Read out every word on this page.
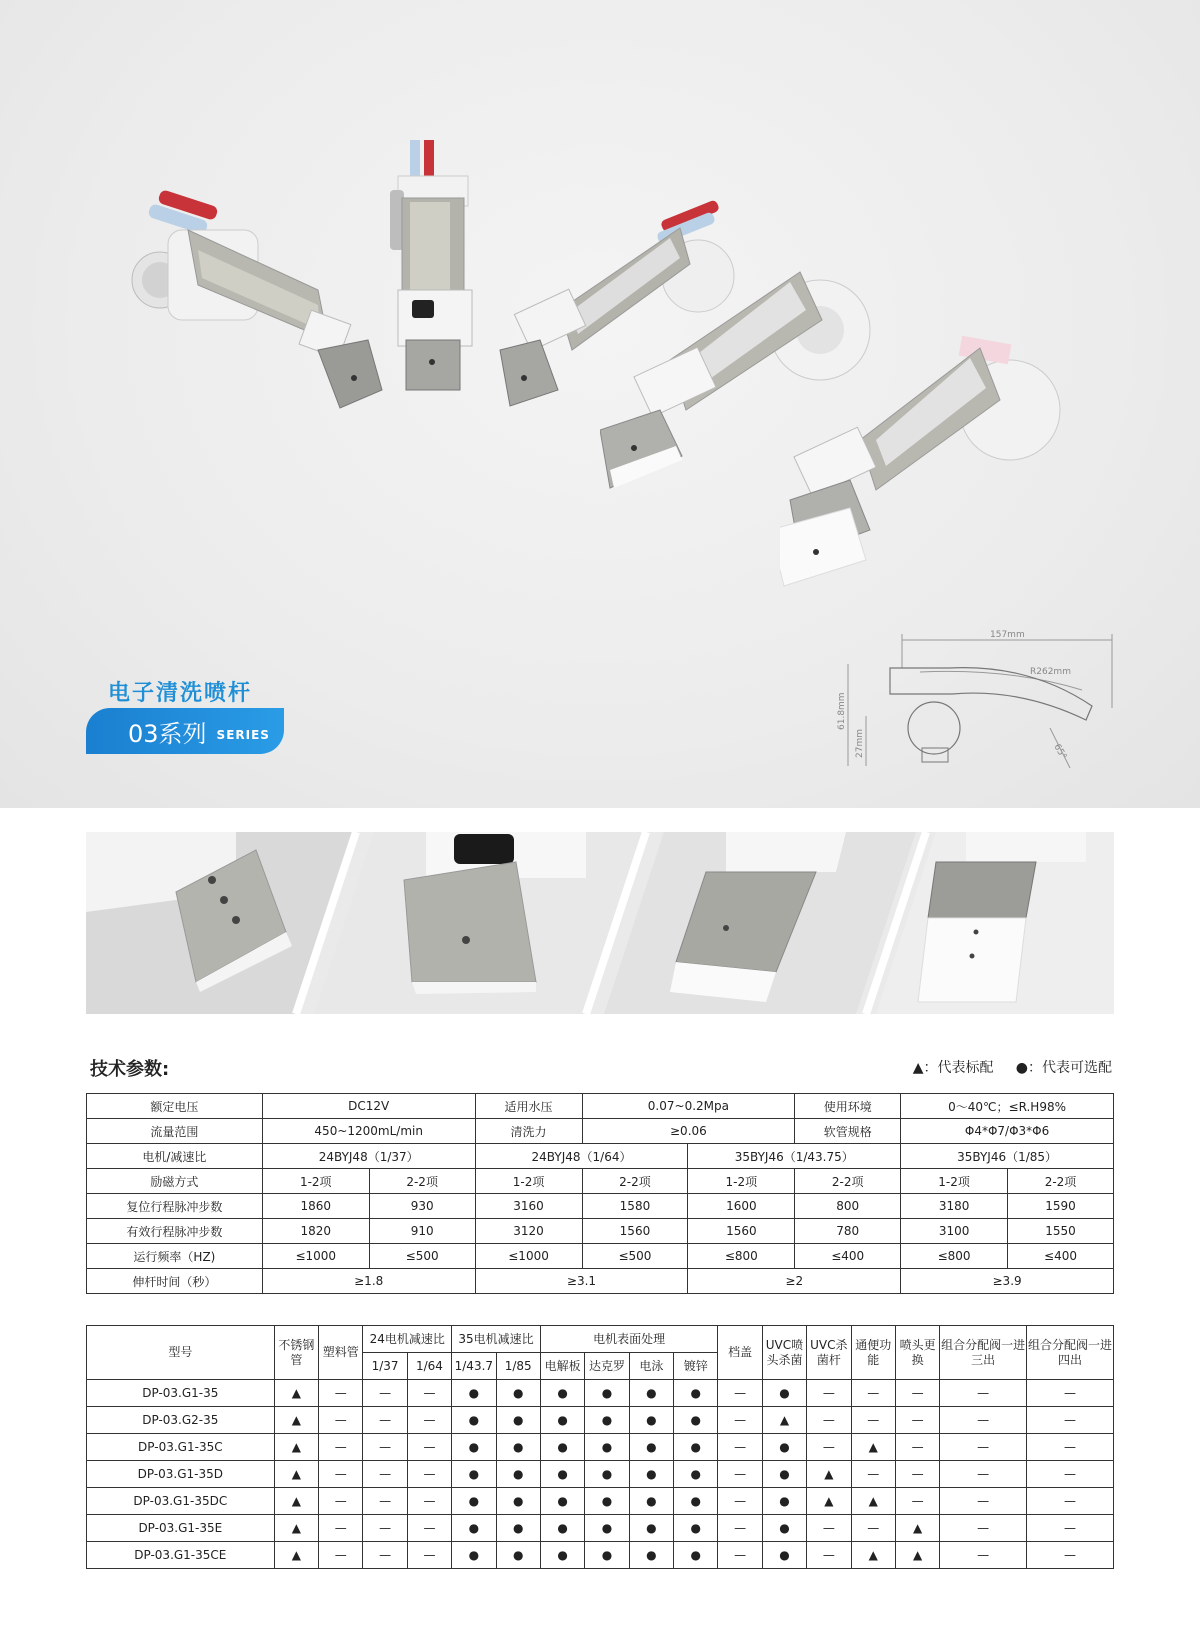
电子清洗喷杆
03系列 SERIES
157mm
R262mm
61.8mm
27mm	65°
技术参数:	▲：代表标配 ●：代表可选配
额定电压	DC12V		适用水压	0.07~0.2Mpa		使用环境	0～40℃；≤R.H98%	
流量范围	450~1200mL/min		清洗力	≥0.06		软管规格	Φ4*Φ7/Φ3*Φ6	
电机/减速比	24BYJ48（1/37）		24BYJ48（1/64）		35BYJ46（1/43.75）		35BYJ46（1/85）	
励磁方式	1-2项	2-2项	1-2项	2-2项	1-2项	2-2项	1-2项	2-2项
复位行程脉冲步数	1860	930	3160	1580	1600	800	3180	1590
有效行程脉冲步数	1820	910	3120	1560	1560	780	3100	1550
运行频率（HZ)	≤1000	≤500	≤1000	≤500	≤800	≤400	≤800	≤400
伸杆时间（秒）	≥1.8		≥3.1		≥2		≥3.9	
型号	不锈钢管	塑料管	24电机减速比		35电机减速比		电机表面处理				档盖	UVC喷头杀菌	UVC杀菌杆	通便功能	喷头更换	组合分配阀一进三出	组合分配阀一进四出
			1/37	1/64	1/43.7	1/85	电解板	达克罗	电泳	镀锌							
DP-03.G1-35	▲	—	—	—	●	●	●	●	●	●	—	●	—	—	—	—	—
DP-03.G2-35	▲	—	—	—	●	●	●	●	●	●	—	▲	—	—	—	—	—
DP-03.G1-35C	▲	—	—	—	●	●	●	●	●	●	—	●	—	▲	—	—	—
DP-03.G1-35D	▲	—	—	—	●	●	●	●	●	●	—	●	▲	—	—	—	—
DP-03.G1-35DC	▲	—	—	—	●	●	●	●	●	●	—	●	▲	▲	—	—	—
DP-03.G1-35E	▲	—	—	—	●	●	●	●	●	●	—	●	—	—	▲	—	—
DP-03.G1-35CE	▲	—	—	—	●	●	●	●	●	●	—	●	—	▲	▲	—	—
